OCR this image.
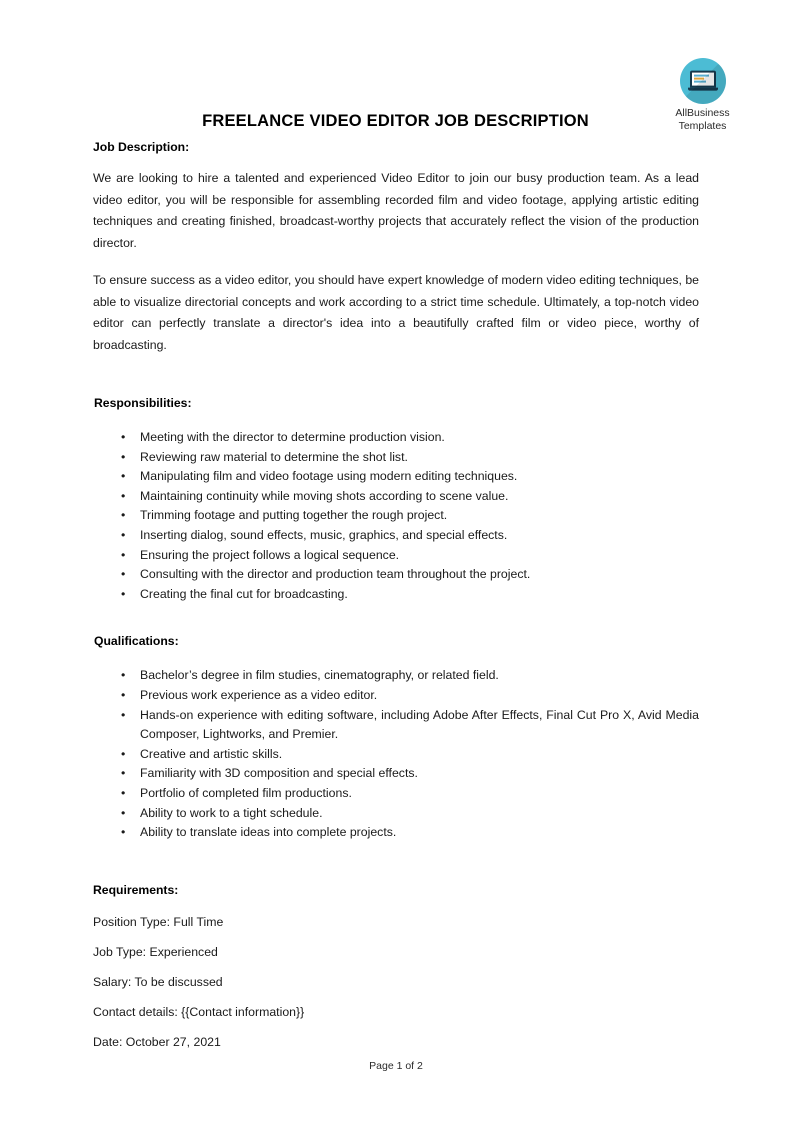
AllBusiness
Templates
FREELANCE VIDEO EDITOR JOB DESCRIPTION
Job Description:

We are looking to hire a talented and experienced Video Editor to join our busy production team. As a lead video editor, you will be responsible for assembling recorded film and video footage, applying artistic editing techniques and creating finished, broadcast-worthy projects that accurately reflect the vision of the production director.

To ensure success as a video editor, you should have expert knowledge of modern video editing techniques, be able to visualize directorial concepts and work according to a strict time schedule. Ultimately, a top-notch video editor can perfectly translate a director's idea into a beautifully crafted film or video piece, worthy of broadcasting.

Responsibilities:
• Meeting with the director to determine production vision.
• Reviewing raw material to determine the shot list.
• Manipulating film and video footage using modern editing techniques.
• Maintaining continuity while moving shots according to scene value.
• Trimming footage and putting together the rough project.
• Inserting dialog, sound effects, music, graphics, and special effects.
• Ensuring the project follows a logical sequence.
• Consulting with the director and production team throughout the project.
• Creating the final cut for broadcasting.
Qualifications:
• Bachelor’s degree in film studies, cinematography, or related field.
• Previous work experience as a video editor.
• Hands-on experience with editing software, including Adobe After Effects, Final Cut Pro X, Avid Media Composer, Lightworks, and Premier.
• Creative and artistic skills.
• Familiarity with 3D composition and special effects.
• Portfolio of completed film productions.
• Ability to work to a tight schedule.
• Ability to translate ideas into complete projects.
Requirements:

Position Type: Full Time

Job Type: Experienced

Salary: To be discussed

Contact details: {{Contact information}}

Date: October 27, 2021

Page 1 of 2
